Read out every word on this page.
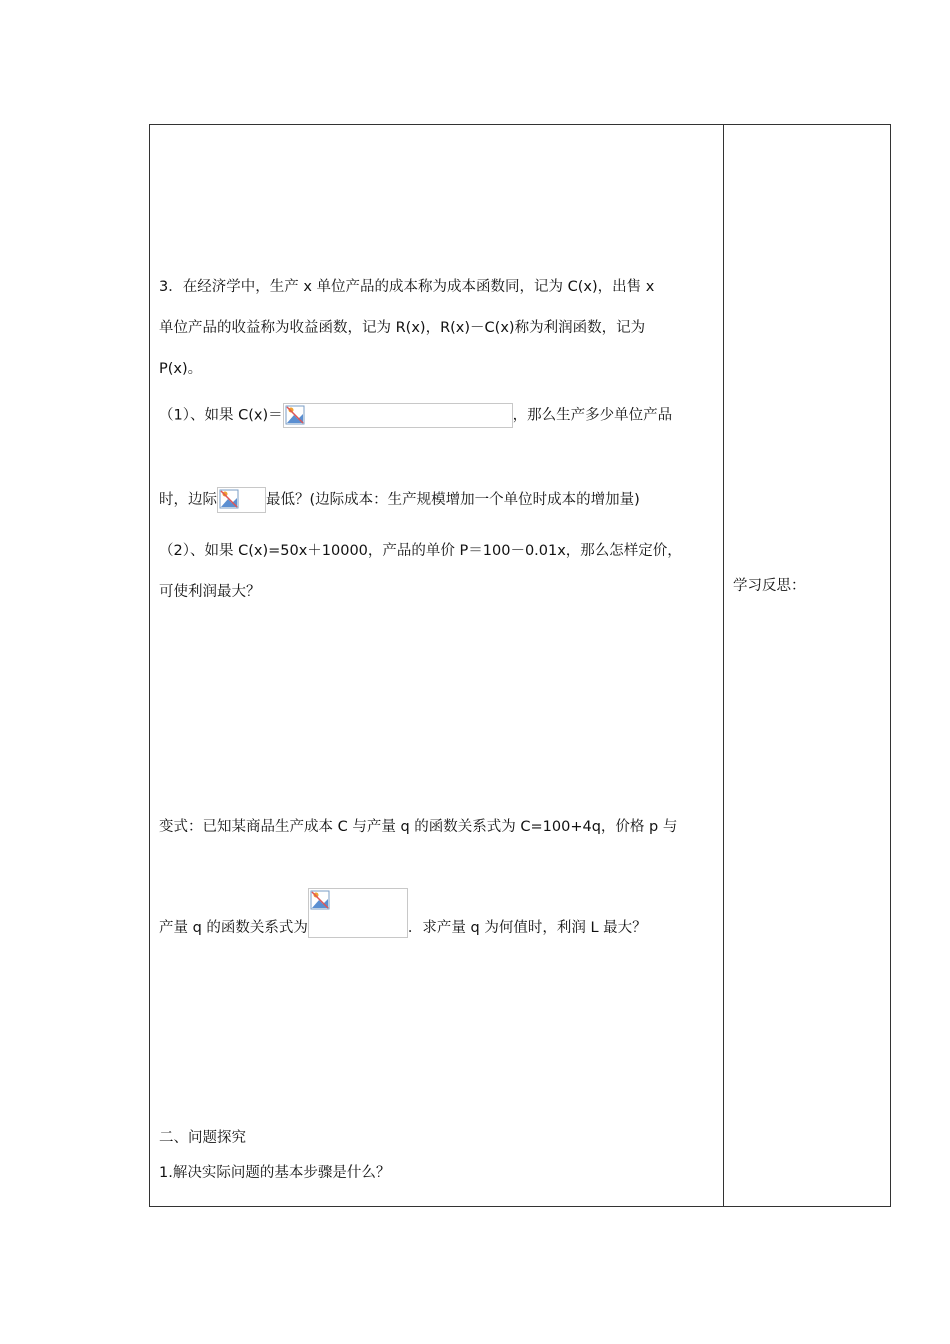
3．在经济学中，生产 x 单位产品的成本称为成本函数同，记为 C(x)，出售 x
单位产品的收益称为收益函数，记为 R(x)，R(x)－C(x)称为利润函数，记为
P(x)。
（1）、如果 C(x)＝	，那么生产多少单位产品
时，边际	最低？(边际成本：生产规模增加一个单位时成本的增加量)
（2）、如果 C(x)=50x＋10000，产品的单价 P＝100－0.01x，那么怎样定价，
可使利润最大？
变式：已知某商品生产成本 C 与产量 q 的函数关系式为 C=100+4q，价格 p 与
产量 q 的函数关系式为	．求产量 q 为何值时，利润 L 最大？
二、问题探究
1.解决实际问题的基本步骤是什么？
学习反思：
